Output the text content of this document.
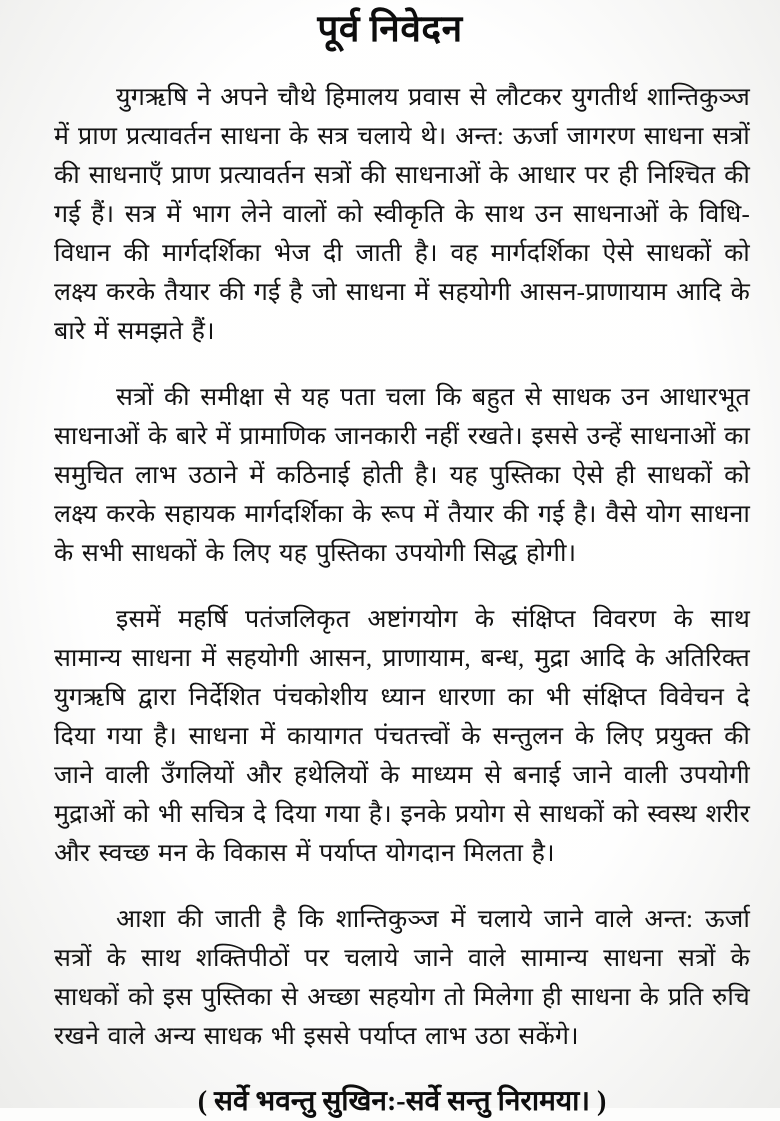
पूर्व निवेदन

युगऋषि ने अपने चौथे हिमालय प्रवास से लौटकर युगतीर्थ शान्तिकुञ्ज में प्राण प्रत्यावर्तन साधना के सत्र चलाये थे। अन्त: ऊर्जा जागरण साधना सत्रों की साधनाएँ प्राण प्रत्यावर्तन सत्रों की साधनाओं के आधार पर ही निश्चित की गई हैं। सत्र में भाग लेने वालों को स्वीकृति के साथ उन साधनाओं के विधि-विधान की मार्गदर्शिका भेज दी जाती है। वह मार्गदर्शिका ऐसे साधकों को लक्ष्य करके तैयार की गई है जो साधना में सहयोगी आसन-प्राणायाम आदि के बारे में समझते हैं।

सत्रों की समीक्षा से यह पता चला कि बहुत से साधक उन आधारभूत साधनाओं के बारे में प्रामाणिक जानकारी नहीं रखते। इससे उन्हें साधनाओं का समुचित लाभ उठाने में कठिनाई होती है। यह पुस्तिका ऐसे ही साधकों को लक्ष्य करके सहायक मार्गदर्शिका के रूप में तैयार की गई है। वैसे योग साधना के सभी साधकों के लिए यह पुस्तिका उपयोगी सिद्ध होगी।

इसमें महर्षि पतंजलिकृत अष्टांगयोग के संक्षिप्त विवरण के साथ सामान्य साधना में सहयोगी आसन, प्राणायाम, बन्ध, मुद्रा आदि के अतिरिक्त युगऋषि द्वारा निर्देशित पंचकोशीय ध्यान धारणा का भी संक्षिप्त विवेचन दे दिया गया है। साधना में कायागत पंचतत्त्वों के सन्तुलन के लिए प्रयुक्त की जाने वाली उँगलियों और हथेलियों के माध्यम से बनाई जाने वाली उपयोगी मुद्राओं को भी सचित्र दे दिया गया है। इनके प्रयोग से साधकों को स्वस्थ शरीर और स्वच्छ मन के विकास में पर्याप्त योगदान मिलता है।

आशा की जाती है कि शान्तिकुञ्ज में चलाये जाने वाले अन्त: ऊर्जा सत्रों के साथ शक्तिपीठों पर चलाये जाने वाले सामान्य साधना सत्रों के साधकों को इस पुस्तिका से अच्छा सहयोग तो मिलेगा ही साधना के प्रति रुचि रखने वाले अन्य साधक भी इससे पर्याप्त लाभ उठा सकेंगे।

( सर्वे भवन्तु सुखिन:-सर्वे सन्तु निरामया। )
